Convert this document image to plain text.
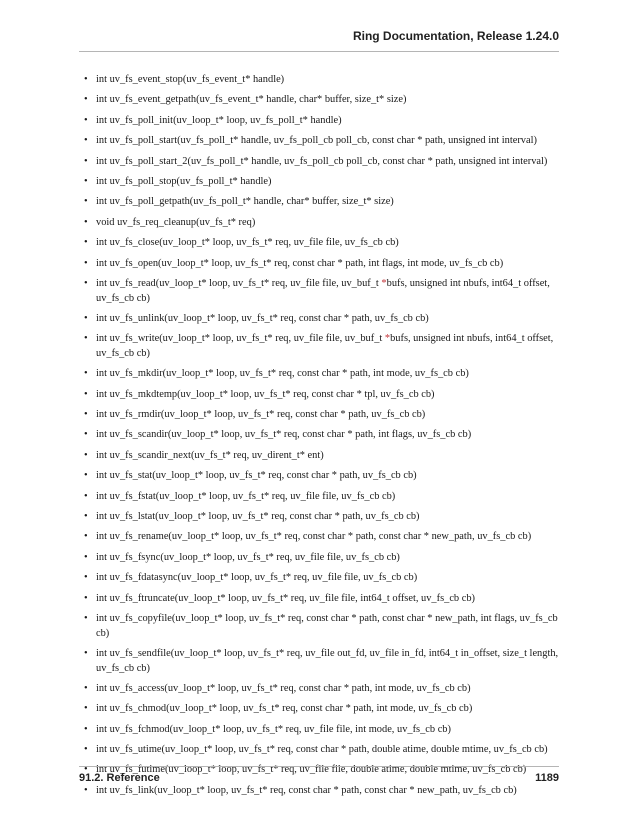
Ring Documentation, Release 1.24.0
• int uv_fs_event_stop(uv_fs_event_t* handle)
• int uv_fs_event_getpath(uv_fs_event_t* handle, char* buffer, size_t* size)
• int uv_fs_poll_init(uv_loop_t* loop, uv_fs_poll_t* handle)
• int uv_fs_poll_start(uv_fs_poll_t* handle, uv_fs_poll_cb poll_cb, const char * path, unsigned int interval)
• int uv_fs_poll_start_2(uv_fs_poll_t* handle, uv_fs_poll_cb poll_cb, const char * path, unsigned int interval)
• int uv_fs_poll_stop(uv_fs_poll_t* handle)
• int uv_fs_poll_getpath(uv_fs_poll_t* handle, char* buffer, size_t* size)
• void uv_fs_req_cleanup(uv_fs_t* req)
• int uv_fs_close(uv_loop_t* loop, uv_fs_t* req, uv_file file, uv_fs_cb cb)
• int uv_fs_open(uv_loop_t* loop, uv_fs_t* req, const char * path, int flags, int mode, uv_fs_cb cb)
• int uv_fs_read(uv_loop_t* loop, uv_fs_t* req, uv_file file, uv_buf_t *bufs, unsigned int nbufs, int64_t offset, uv_fs_cb cb)
• int uv_fs_unlink(uv_loop_t* loop, uv_fs_t* req, const char * path, uv_fs_cb cb)
• int uv_fs_write(uv_loop_t* loop, uv_fs_t* req, uv_file file, uv_buf_t *bufs, unsigned int nbufs, int64_t offset, uv_fs_cb cb)
• int uv_fs_mkdir(uv_loop_t* loop, uv_fs_t* req, const char * path, int mode, uv_fs_cb cb)
• int uv_fs_mkdtemp(uv_loop_t* loop, uv_fs_t* req, const char * tpl, uv_fs_cb cb)
• int uv_fs_rmdir(uv_loop_t* loop, uv_fs_t* req, const char * path, uv_fs_cb cb)
• int uv_fs_scandir(uv_loop_t* loop, uv_fs_t* req, const char * path, int flags, uv_fs_cb cb)
• int uv_fs_scandir_next(uv_fs_t* req, uv_dirent_t* ent)
• int uv_fs_stat(uv_loop_t* loop, uv_fs_t* req, const char * path, uv_fs_cb cb)
• int uv_fs_fstat(uv_loop_t* loop, uv_fs_t* req, uv_file file, uv_fs_cb cb)
• int uv_fs_lstat(uv_loop_t* loop, uv_fs_t* req, const char * path, uv_fs_cb cb)
• int uv_fs_rename(uv_loop_t* loop, uv_fs_t* req, const char * path, const char * new_path, uv_fs_cb cb)
• int uv_fs_fsync(uv_loop_t* loop, uv_fs_t* req, uv_file file, uv_fs_cb cb)
• int uv_fs_fdatasync(uv_loop_t* loop, uv_fs_t* req, uv_file file, uv_fs_cb cb)
• int uv_fs_ftruncate(uv_loop_t* loop, uv_fs_t* req, uv_file file, int64_t offset, uv_fs_cb cb)
• int uv_fs_copyfile(uv_loop_t* loop, uv_fs_t* req, const char * path, const char * new_path, int flags, uv_fs_cb cb)
• int uv_fs_sendfile(uv_loop_t* loop, uv_fs_t* req, uv_file out_fd, uv_file in_fd, int64_t in_offset, size_t length, uv_fs_cb cb)
• int uv_fs_access(uv_loop_t* loop, uv_fs_t* req, const char * path, int mode, uv_fs_cb cb)
• int uv_fs_chmod(uv_loop_t* loop, uv_fs_t* req, const char * path, int mode, uv_fs_cb cb)
• int uv_fs_fchmod(uv_loop_t* loop, uv_fs_t* req, uv_file file, int mode, uv_fs_cb cb)
• int uv_fs_utime(uv_loop_t* loop, uv_fs_t* req, const char * path, double atime, double mtime, uv_fs_cb cb)
• int uv_fs_futime(uv_loop_t* loop, uv_fs_t* req, uv_file file, double atime, double mtime, uv_fs_cb cb)
• int uv_fs_link(uv_loop_t* loop, uv_fs_t* req, const char * path, const char * new_path, uv_fs_cb cb)
91.2. Reference	1189
